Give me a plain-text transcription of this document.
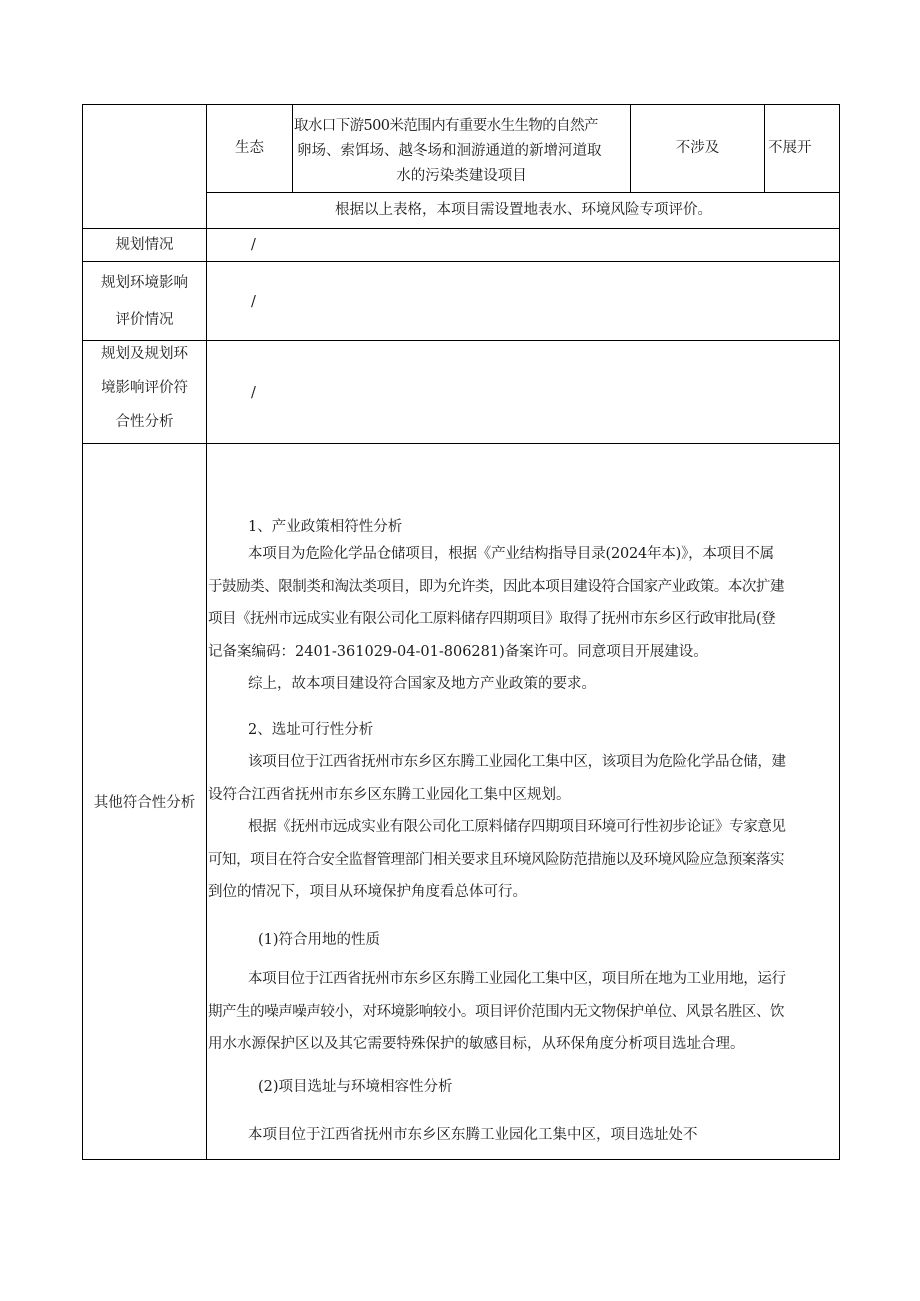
生态
取水口下游500米范围内有重要水生生物的自然产
卵场、索饵场、越冬场和洄游通道的新增河道取
水的污染类建设项目
不涉及	不展开
根据以上表格，本项目需设置地表水、环境风险专项评价。
规划情况	/
规划环境影响
评价情况
/
规划及规划环
境影响评价符
合性分析
/
其他符合性分析
1、产业政策相符性分析
本项目为危险化学品仓储项目，根据《产业结构指导目录(2024年本)》，本项目不属
于鼓励类、限制类和淘汰类项目，即为允许类，因此本项目建设符合国家产业政策。本次扩建
项目《抚州市远成实业有限公司化工原料储存四期项目》取得了抚州市东乡区行政审批局(登
记备案编码：2401-361029-04-01-806281)备案许可。同意项目开展建设。
综上，故本项目建设符合国家及地方产业政策的要求。
2、选址可行性分析
该项目位于江西省抚州市东乡区东腾工业园化工集中区，该项目为危险化学品仓储，建
设符合江西省抚州市东乡区东腾工业园化工集中区规划。
根据《抚州市远成实业有限公司化工原料储存四期项目环境可行性初步论证》专家意见
可知，项目在符合安全监督管理部门相关要求且环境风险防范措施以及环境风险应急预案落实
到位的情况下，项目从环境保护角度看总体可行。
(1)符合用地的性质
本项目位于江西省抚州市东乡区东腾工业园化工集中区，项目所在地为工业用地，运行
期产生的噪声噪声较小，对环境影响较小。项目评价范围内无文物保护单位、风景名胜区、饮
用水水源保护区以及其它需要特殊保护的敏感目标，从环保角度分析项目选址合理。
(2)项目选址与环境相容性分析
本项目位于江西省抚州市东乡区东腾工业园化工集中区，项目选址处不
